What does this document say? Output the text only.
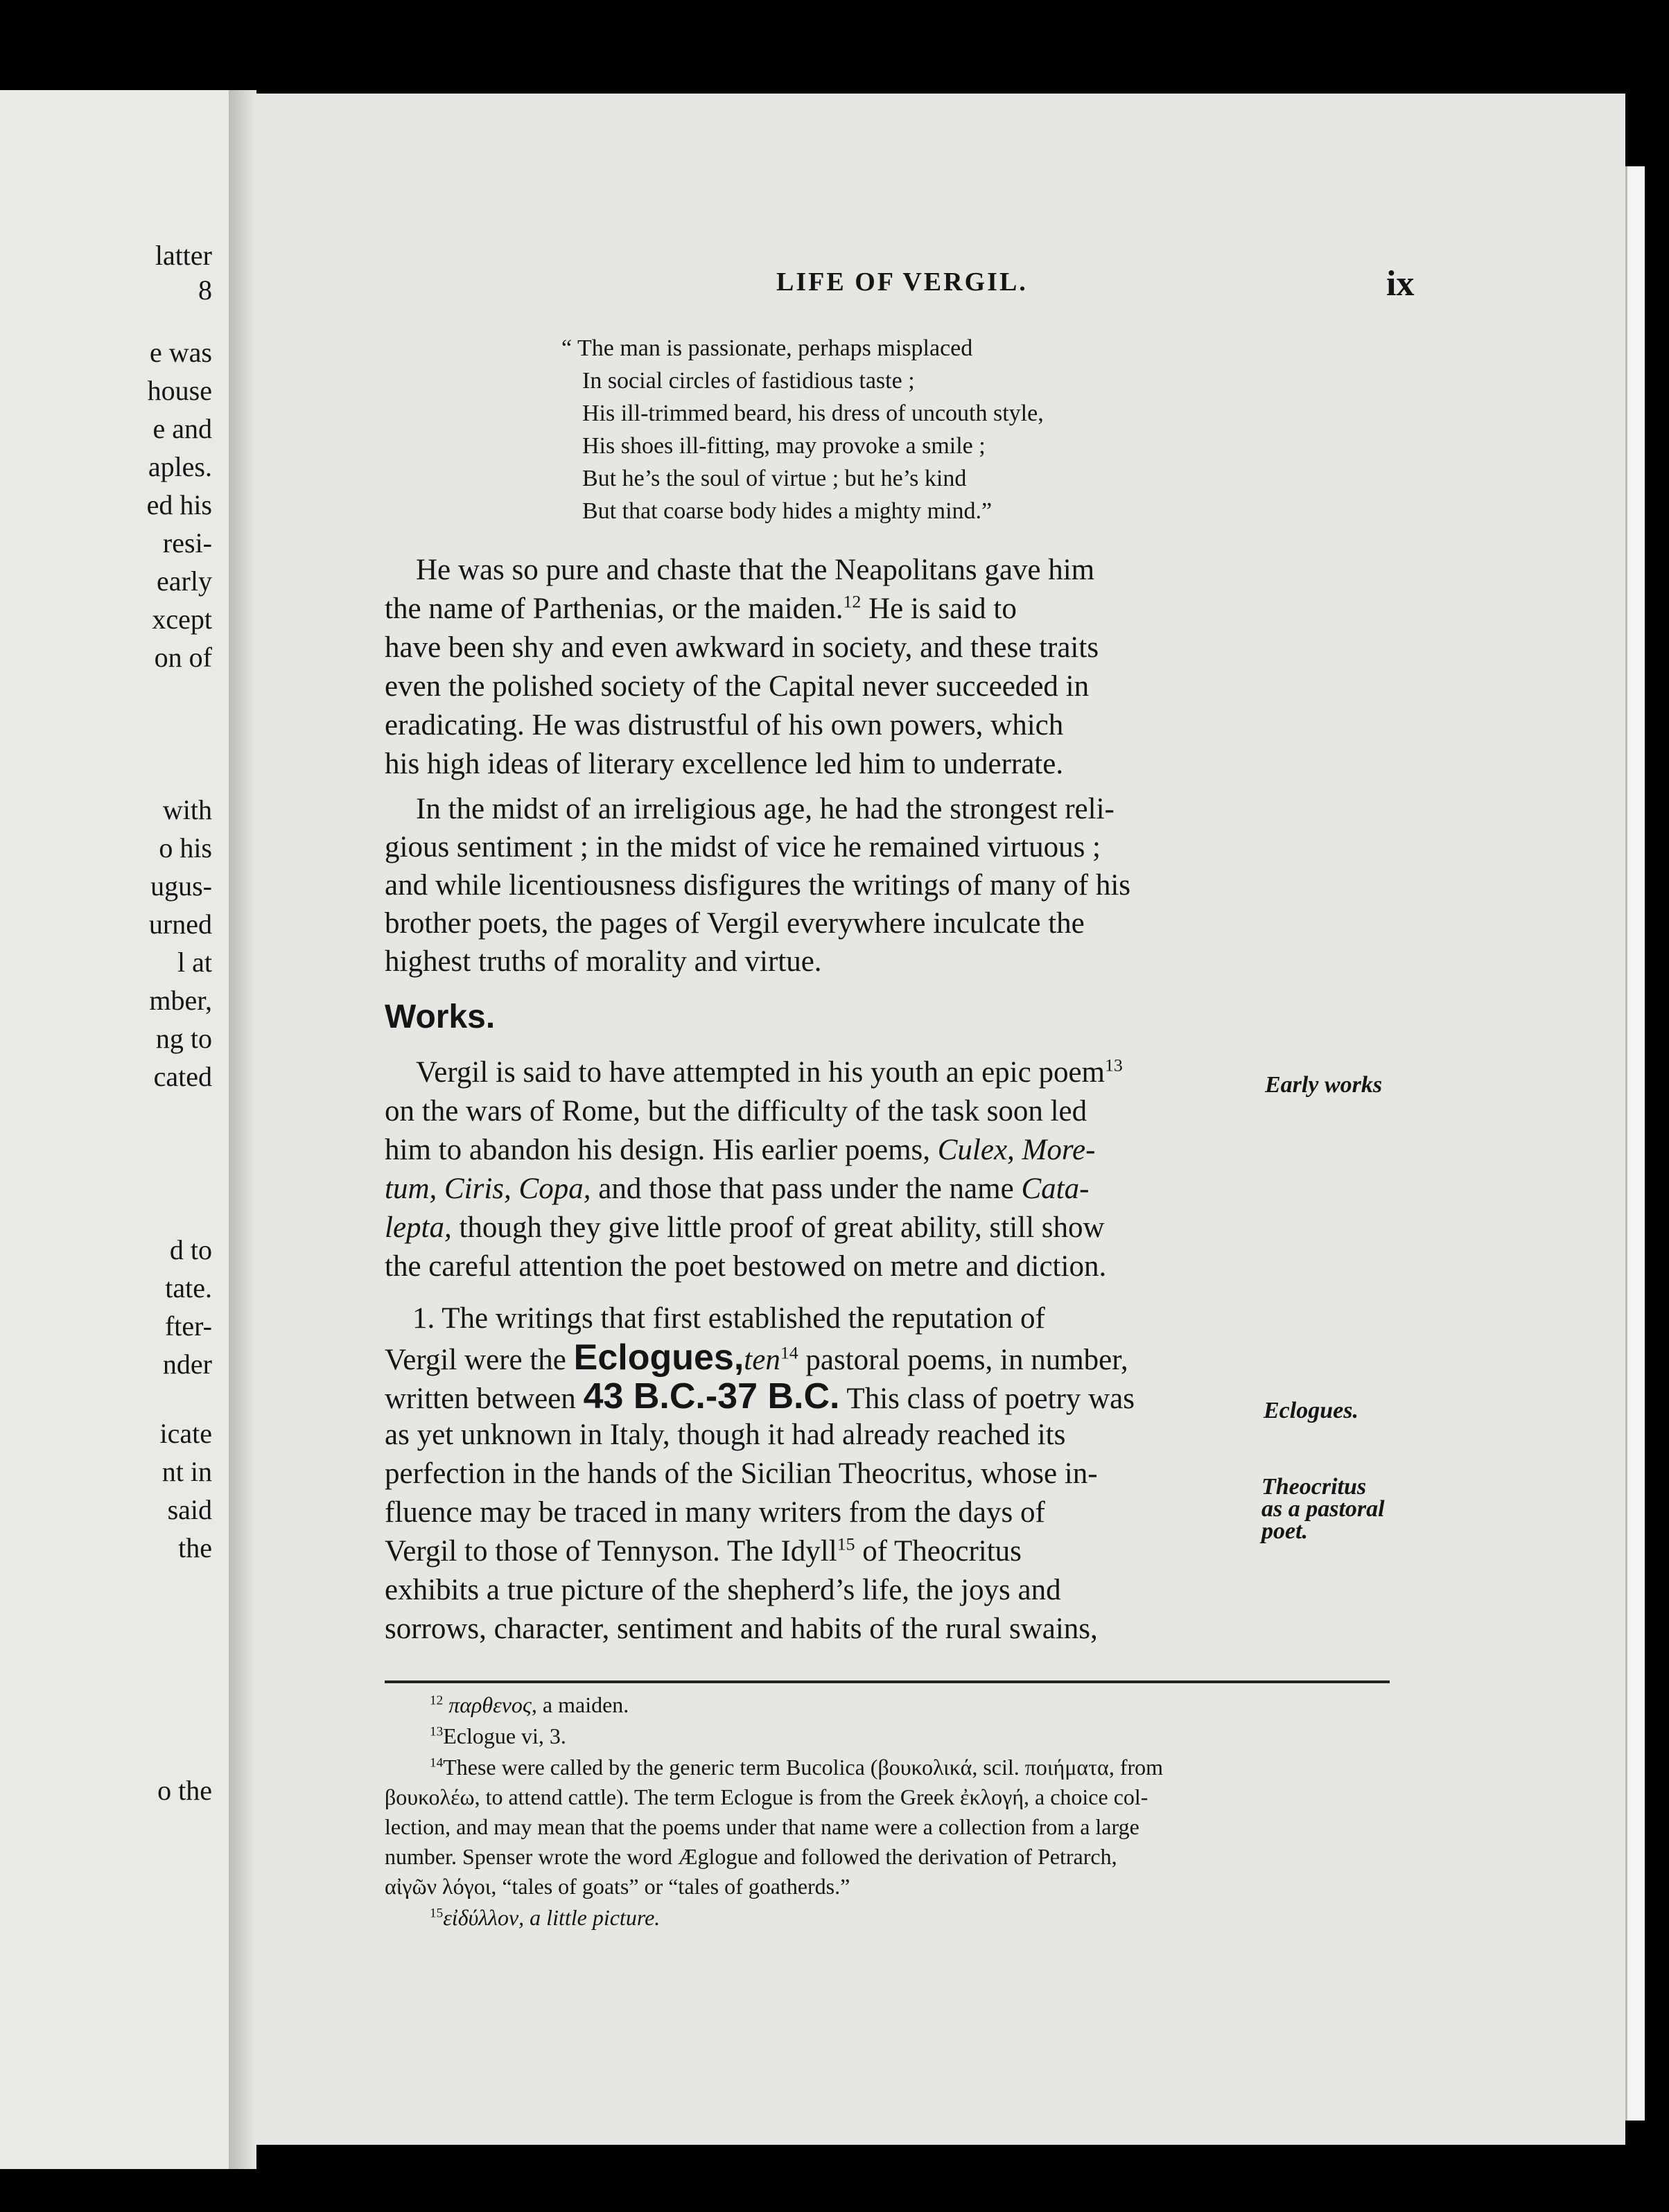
latter
8
e was
house
e and
aples.
ed his
resi-
early
xcept
on of
with
o his
ugus-
urned
l at
mber,
ng to
cated
d to
tate.
fter-
nder
icate
nt in
said
the
o the
LIFE OF VERGIL.	ix
“ The man is passionate, perhaps misplaced
In social circles of fastidious taste ;
His ill-trimmed beard, his dress of uncouth style,
His shoes ill-fitting, may provoke a smile ;
But he’s the soul of virtue ; but he’s kind
But that coarse body hides a mighty mind.”
He was so pure and chaste that the Neapolitans gave him
the name of Parthenias, or the maiden.$^{12}$ He is said to
have been shy and even awkward in society, and these traits
even the polished society of the Capital never succeeded in
eradicating. He was distrustful of his own powers, which
his high ideas of literary excellence led him to underrate.
In the midst of an irreligious age, he had the strongest reli-
gious sentiment ; in the midst of vice he remained virtuous ;
and while licentiousness disfigures the writings of many of his
brother poets, the pages of Vergil everywhere inculcate the
highest truths of morality and virtue.
Works.
Vergil is said to have attempted in his youth an epic poem$^{13}$
on the wars of Rome, but the difficulty of the task soon led
him to abandon his design. His earlier poems, Culex, More-
tum, Ciris, Copa, and those that pass under the name Cata-
lepta, though they give little proof of great ability, still show
the careful attention the poet bestowed on metre and diction.
1. The writings that first established the reputation of
Vergil were the Eclogues,ten$^{14}$ pastoral poems, in number,
written between 43 B.C.-37 B.C. This class of poetry was
as yet unknown in Italy, though it had already reached its
perfection in the hands of the Sicilian Theocritus, whose in-
fluence may be traced in many writers from the days of
Vergil to those of Tennyson. The Idyll$^{15}$ of Theocritus
exhibits a true picture of the shepherd’s life, the joys and
sorrows, character, sentiment and habits of the rural swains,
Early works
Eclogues.
Theocritus
as a pastoral
poet.
$^{12}$ παρθενος, a maiden.
$^{13}$Eclogue vi, 3.
$^{14}$These were called by the generic term Bucolica (βουκολικά, scil. ποιήματα, from
βουκολέω, to attend cattle). The term Eclogue is from the Greek ἐκλογή, a choice col-
lection, and may mean that the poems under that name were a collection from a large
number. Spenser wrote the word Æglogue and followed the derivation of Petrarch,
αἰγῶν λόγοι, “tales of goats” or “tales of goatherds.”
$^{15}$εἰδύλλον, a little picture.
